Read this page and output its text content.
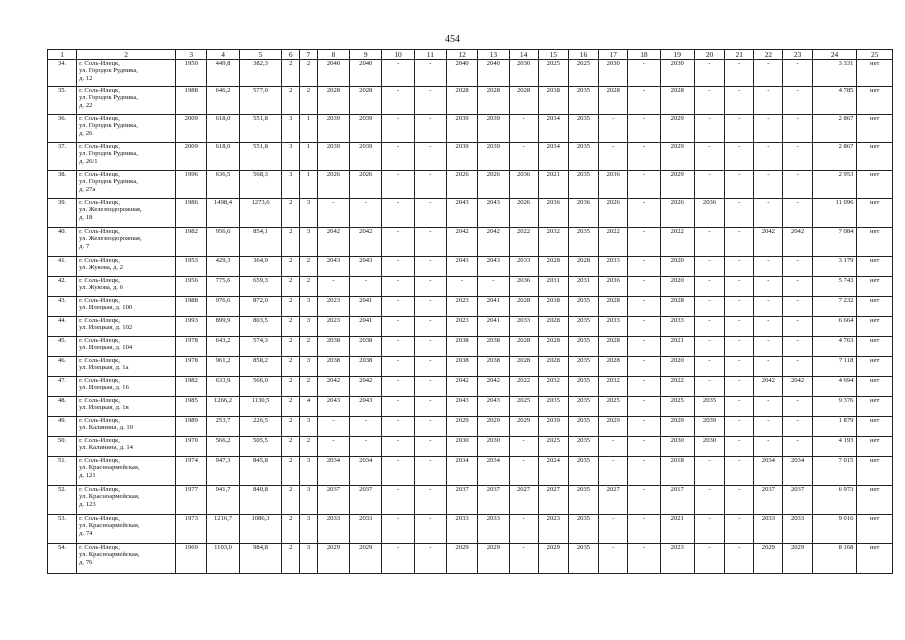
454
1	2	3	4	5	6	7	8	9	10	11	12	13	14	15	16	17	18	19	20	21	22	23	24	25
34.	г. Соль-Илецк,
ул. Городок Рудника,
д. 12	1950	449,8	382,3	2	2	2040	2040	-	-	2040	2040	2030	2025	2025	2030	-	2030	-	-	-	-	3 331	нет
35.	г. Соль-Илецк,
ул. Городок Рудника,
д. 22	1988	646,2	577,0	2	2	2028	2028	-	-	2028	2028	2028	2038	2035	2028	-	2028	-	-	-	-	4 785	нет
36.	г. Соль-Илецк,
ул. Городок Рудника,
д. 26	2009	618,0	551,8	3	1	2039	2039	-	-	2039	2039	-	2034	2035	-	-	2029	-	-	-	-	2 867	нет
37.	г. Соль-Илецк,
ул. Городок Рудника,
д. 26/1	2009	618,0	551,8	3	1	2039	2039	-	-	2039	2039	-	2034	2035	-	-	2029	-	-	-	-	2 867	нет
38.	г. Соль-Илецк,
ул. Городок Рудника,
д. 27а	1996	636,5	568,3	3	1	2026	2026	-	-	2026	2026	2036	2021	2035	2036	-	2029	-	-	-	-	2 953	нет
39.	г. Соль-Илецк,
ул. Железнодорожная,
д. 18	1986	1498,4	1273,6	2	3	-	-	-	-	2043	2043	2026	2036	2036	2026	-	2026	2036	-	-	-	11 096	нет
40.	г. Соль-Илецк,
ул. Железнодорожная,
д. 7	1982	956,6	854,1	2	3	2042	2042	-	-	2042	2042	2022	2032	2035	2022	-	2022	-	-	2042	2042	7 084	нет
41.	г. Соль-Илецк,
ул. Жукова, д. 2	1953	429,3	364,9	2	2	2043	2043	-	-	2043	2043	2033	2028	2028	2033	-	2020	-	-	-	-	3 179	нет
42.	г. Соль-Илецк,
ул. Жукова, д. 6	1956	775,6	659,3	2	2	-	-	-	-	-	-	2036	2031	2031	2036	-	2020	-	-	-	-	5 743	нет
43.	г. Соль-Илецк,
ул. Илецкая, д. 100	1988	976,6	872,0	2	3	2023	2041	-	-	2023	2041	2028	2038	2035	2028	-	2028	-	-	-	-	7 232	нет
44.	г. Соль-Илецк,
ул. Илецкая, д. 102	1993	899,9	803,5	2	3	2023	2041	-	-	2023	2041	2033	2028	2035	2033	-	2033	-	-	-	-	6 664	нет
45.	г. Соль-Илецк,
ул. Илецкая, д. 104	1978	643,2	574,3	2	2	2038	2038	-	-	2038	2038	2028	2028	2035	2028	-	2021	-	-	-	-	4 763	нет
46.	г. Соль-Илецк,
ул. Илецкая, д. 1а	1978	961,2	858,2	2	3	2038	2038	-	-	2038	2038	2028	2028	2035	2028	-	2020	-	-	-	-	7 118	нет
47.	г. Соль-Илецк,
ул. Илецкая, д. 16	1982	633,9	566,0	2	2	2042	2042	-	-	2042	2042	2022	2032	2035	2032	-	2022	-	-	2042	2042	4 694	нет
48.	г. Соль-Илецк,
ул. Илецкая, д. 1в	1985	1266,2	1130,5	2	4	2043	2043	-	-	2043	2043	2025	2035	2035	2025	-	2025	2035	-	-	-	9 376	нет
49.	г. Соль-Илецк,
ул. Калинина, д. 10	1989	253,7	226,5	2	3	-	-	-	-	2029	2029	2029	2039	2035	2029	-	2029	2039	-	-	-	1 879	нет
50.	г. Соль-Илецк,
ул. Калинина, д. 14	1970	566,2	505,5	2	2	-	-	-	-	2030	2030	-	2025	2035	-	-	2030	2030	-	-	-	4 193	нет
51.	г. Соль-Илецк,
ул. Красноармейская,
д. 121	1974	947,3	845,8	2	3	2034	2034	-	-	2034	2034	-	2024	2035	-	-	2018	-	-	2034	2034	7 015	нет
52.	г. Соль-Илецк,
ул. Красноармейская,
д. 123	1977	941,7	840,8	2	3	2037	2037	-	-	2037	2037	2027	2027	2035	2027	-	2017	-	-	2037	2037	6 973	нет
53.	г. Соль-Илецк,
ул. Красноармейская,
д. 74	1973	1216,7	1086,3	2	3	2033	2033	-	-	2033	2033	-	2023	2035	-	-	2021	-	-	2033	2033	9 016	нет
54.	г. Соль-Илецк,
ул. Красноармейская,
д. 76	1969	1103,0	984,8	2	3	2029	2029	-	-	2029	2029	-	2029	2035	-	-	2023	-	-	2029	2029	8 168	нет
